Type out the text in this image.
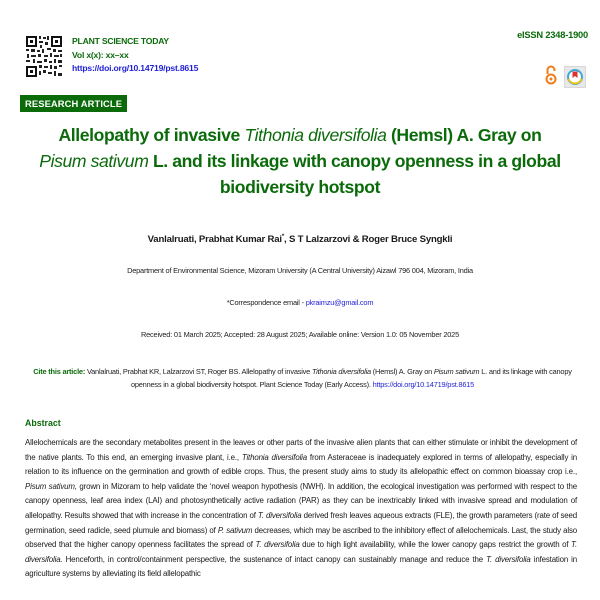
PLANT SCIENCE TODAY
Vol x(x): xx–xx
https://doi.org/10.14719/pst.8615
eISSN 2348-1900
RESEARCH ARTICLE
Allelopathy of invasive Tithonia diversifolia (Hemsl) A. Gray on
Pisum sativum L. and its linkage with canopy openness in a global biodiversity hotspot
Vanlalruati, Prabhat Kumar Rai*, S T Lalzarzovi & Roger Bruce Syngkli
Department of Environmental Science, Mizoram University (A Central University) Aizawl 796 004, Mizoram, India
*Correspondence email - pkraimzu@gmail.com
Received: 01 March 2025; Accepted: 28 August 2025; Available online: Version 1.0: 05 November 2025
Cite this article: Vanlalruati, Prabhat KR, Lalzarzovi ST, Roger BS. Allelopathy of invasive Tithonia diversifolia (Hemsl) A. Gray on Pisum sativum L. and its linkage with canopy openness in a global biodiversity hotspot. Plant Science Today (Early Access). https://doi.org/10.14719/pst.8615
Abstract
Allelochemicals are the secondary metabolites present in the leaves or other parts of the invasive alien plants that can either stimulate or inhibit the development of the native plants. To this end, an emerging invasive plant, i.e., Tithonia diversifolia from Asteraceae is inadequately explored in terms of allelopathy, especially in relation to its influence on the germination and growth of edible crops. Thus, the present study aims to study its allelopathic effect on common bioassay crop i.e., Pisum sativum, grown in Mizoram to help validate the ‘novel weapon hypothesis (NWH). In addition, the ecological investigation was performed with respect to the canopy openness, leaf area index (LAI) and photosynthetically active radiation (PAR) as they can be inextricably linked with invasive spread and modulation of allelopathy. Results showed that with increase in the concentration of T. diversifolia derived fresh leaves aqueous extracts (FLE), the growth parameters (rate of seed germination, seed radicle, seed plumule and biomass) of P. sativum decreases, which may be ascribed to the inhibitory effect of allelochemicals. Last, the study also observed that the higher canopy openness facilitates the spread of T. diversifolia due to high light availability, while the lower canopy gaps restrict the growth of T. diversifolia. Henceforth, in control/containment perspective, the sustenance of intact canopy can sustainably manage and reduce the T. diversifolia infestation in agriculture systems by alleviating its field allelopathic
